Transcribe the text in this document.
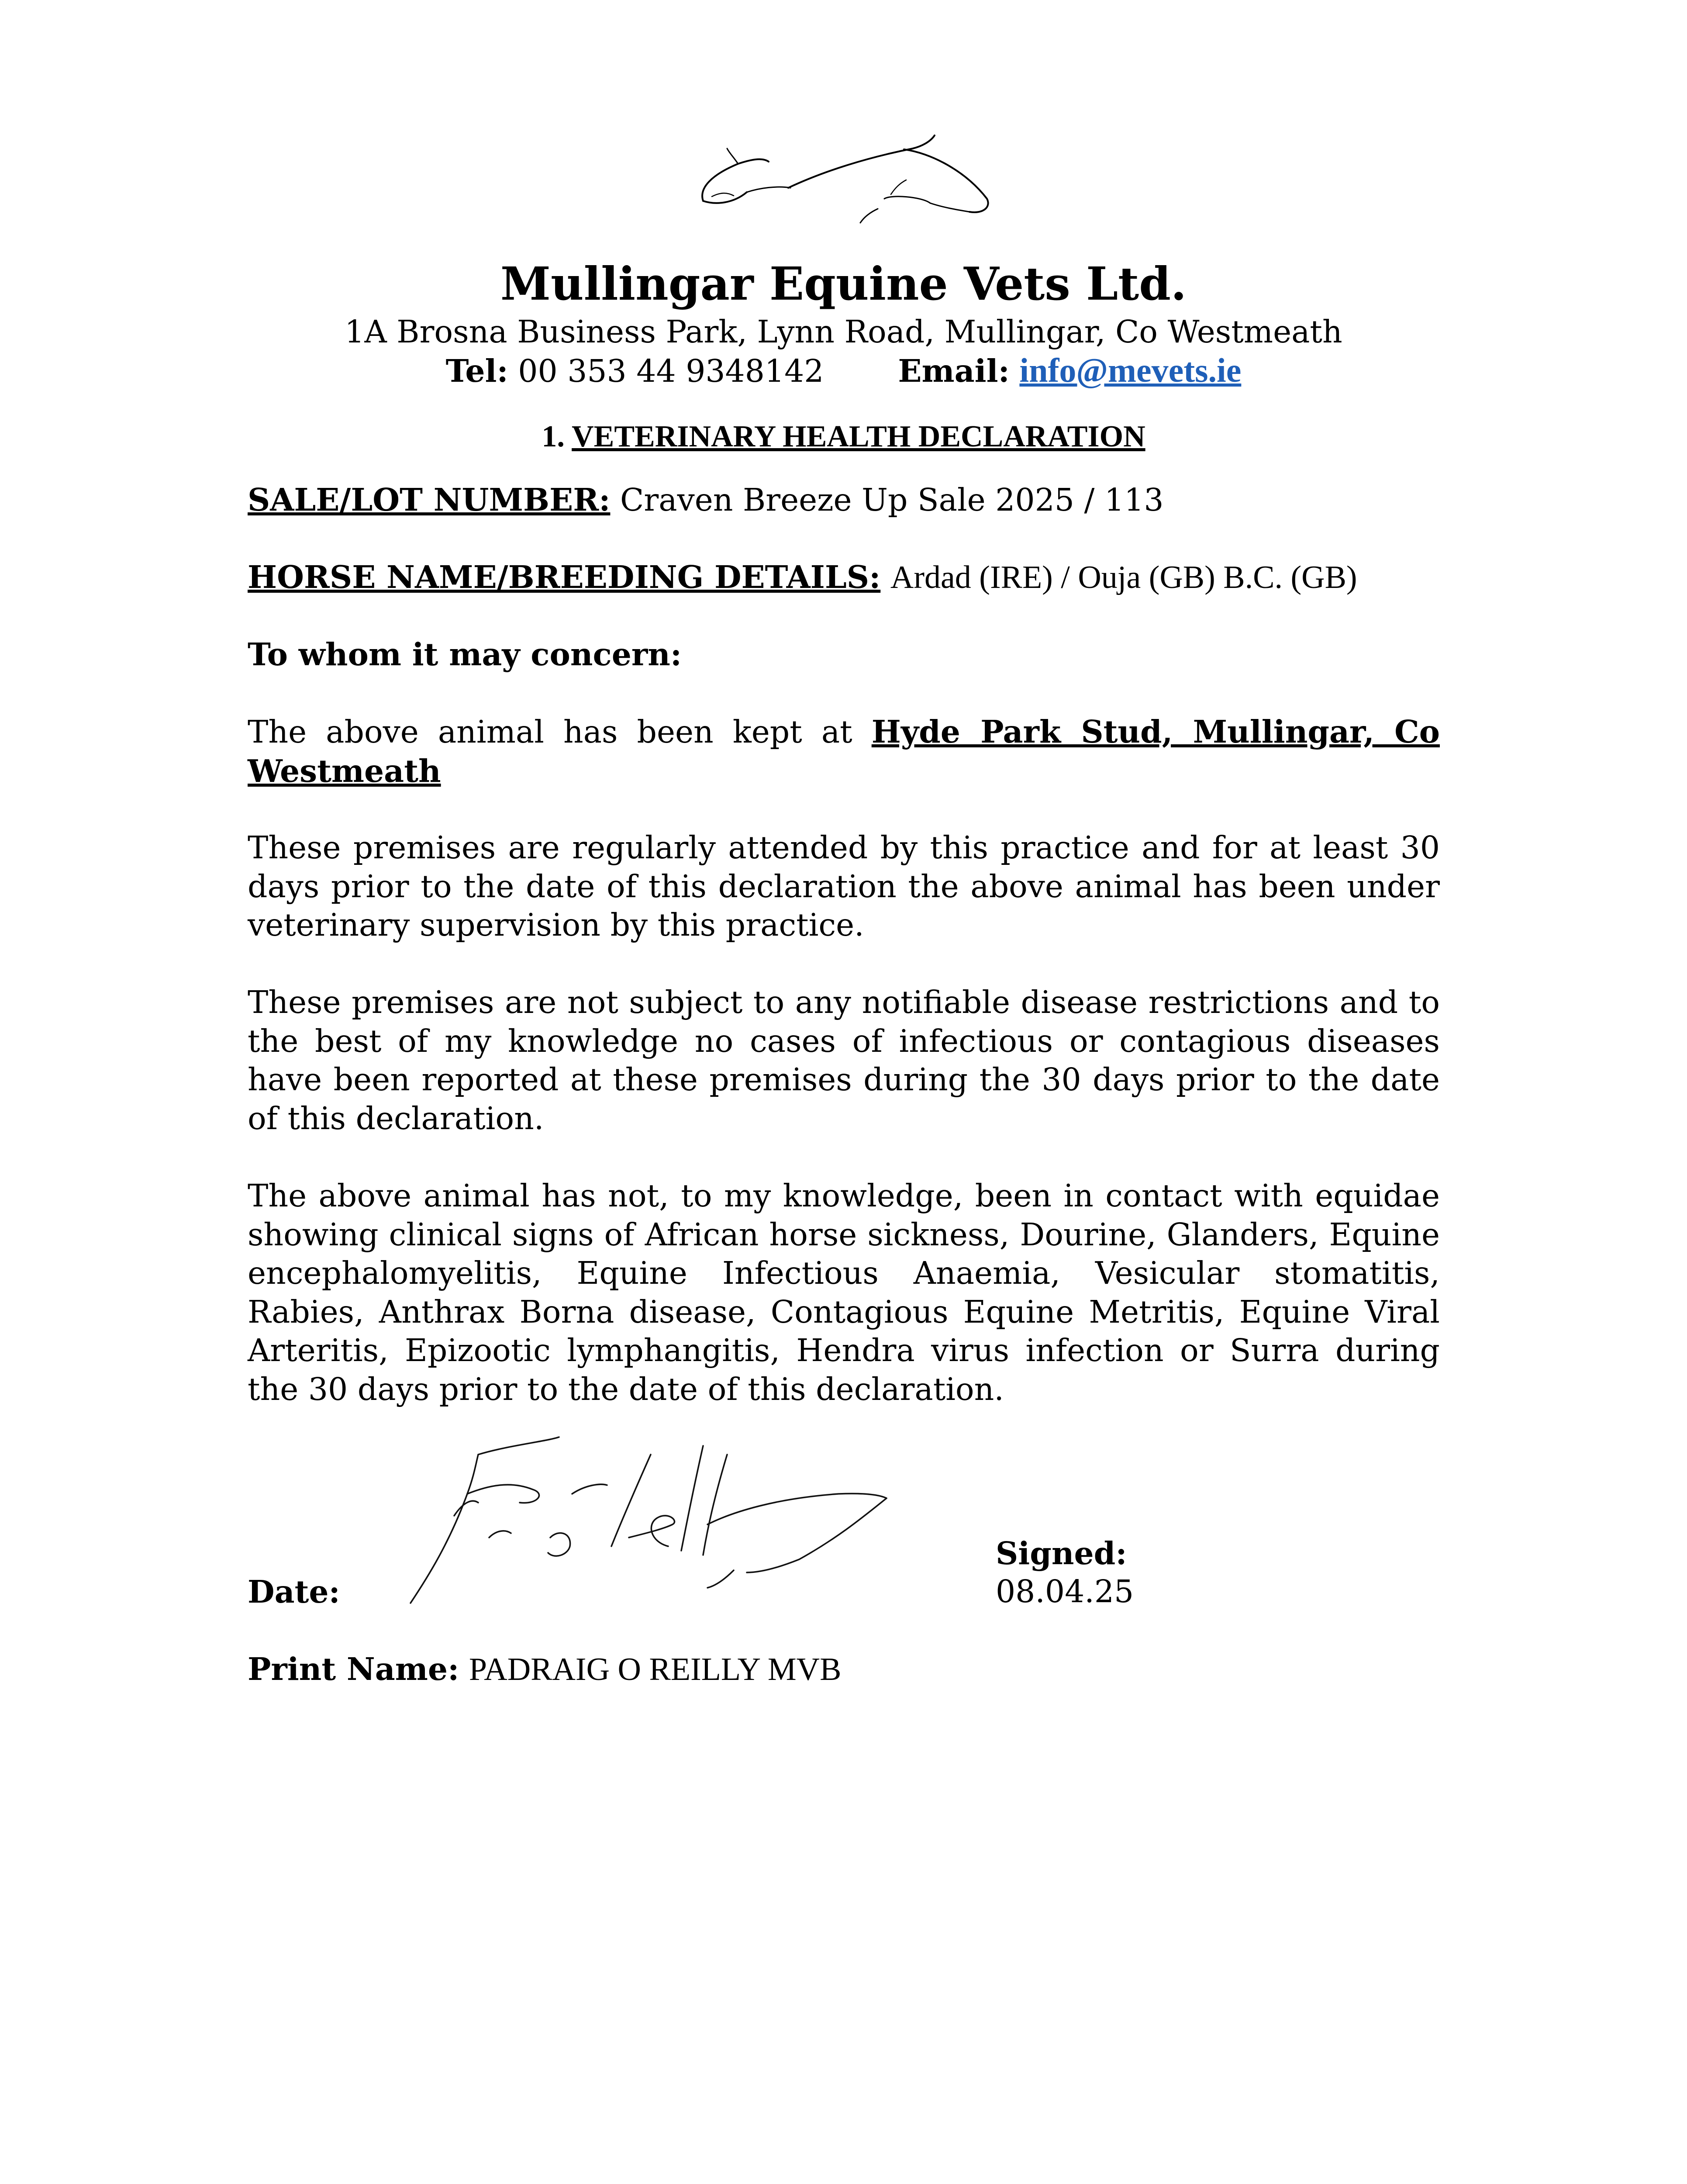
Mullingar Equine Vets Ltd.
1A Brosna Business Park, Lynn Road, Mullingar, Co Westmeath
Tel: 00 353 44 9348142 Email: info@mevets.ie
1. VETERINARY HEALTH DECLARATION
SALE/LOT NUMBER: Craven Breeze Up Sale 2025 / 113
HORSE NAME/BREEDING DETAILS: Ardad (IRE) / Ouja (GB) B.C. (GB)
To whom it may concern:
The above animal has been kept at Hyde Park Stud, Mullingar, Co Westmeath
These premises are regularly attended by this practice and for at least 30 days prior to the date of this declaration the above animal has been under veterinary supervision by this practice.
These premises are not subject to any notifiable disease restrictions and to the best of my knowledge no cases of infectious or contagious diseases have been reported at these premises during the 30 days prior to the date of this declaration.
The above animal has not, to my knowledge, been in contact with equidae showing clinical signs of African horse sickness, Dourine, Glanders, Equine encephalomyelitis, Equine Infectious Anaemia, Vesicular stomatitis, Rabies, Anthrax Borna disease, Contagious Equine Metritis, Equine Viral Arteritis, Epizootic lymphangitis, Hendra virus infection or Surra during the 30 days prior to the date of this declaration.
Date:
Signed:
08.04.25
Print Name: PADRAIG O REILLY MVB
